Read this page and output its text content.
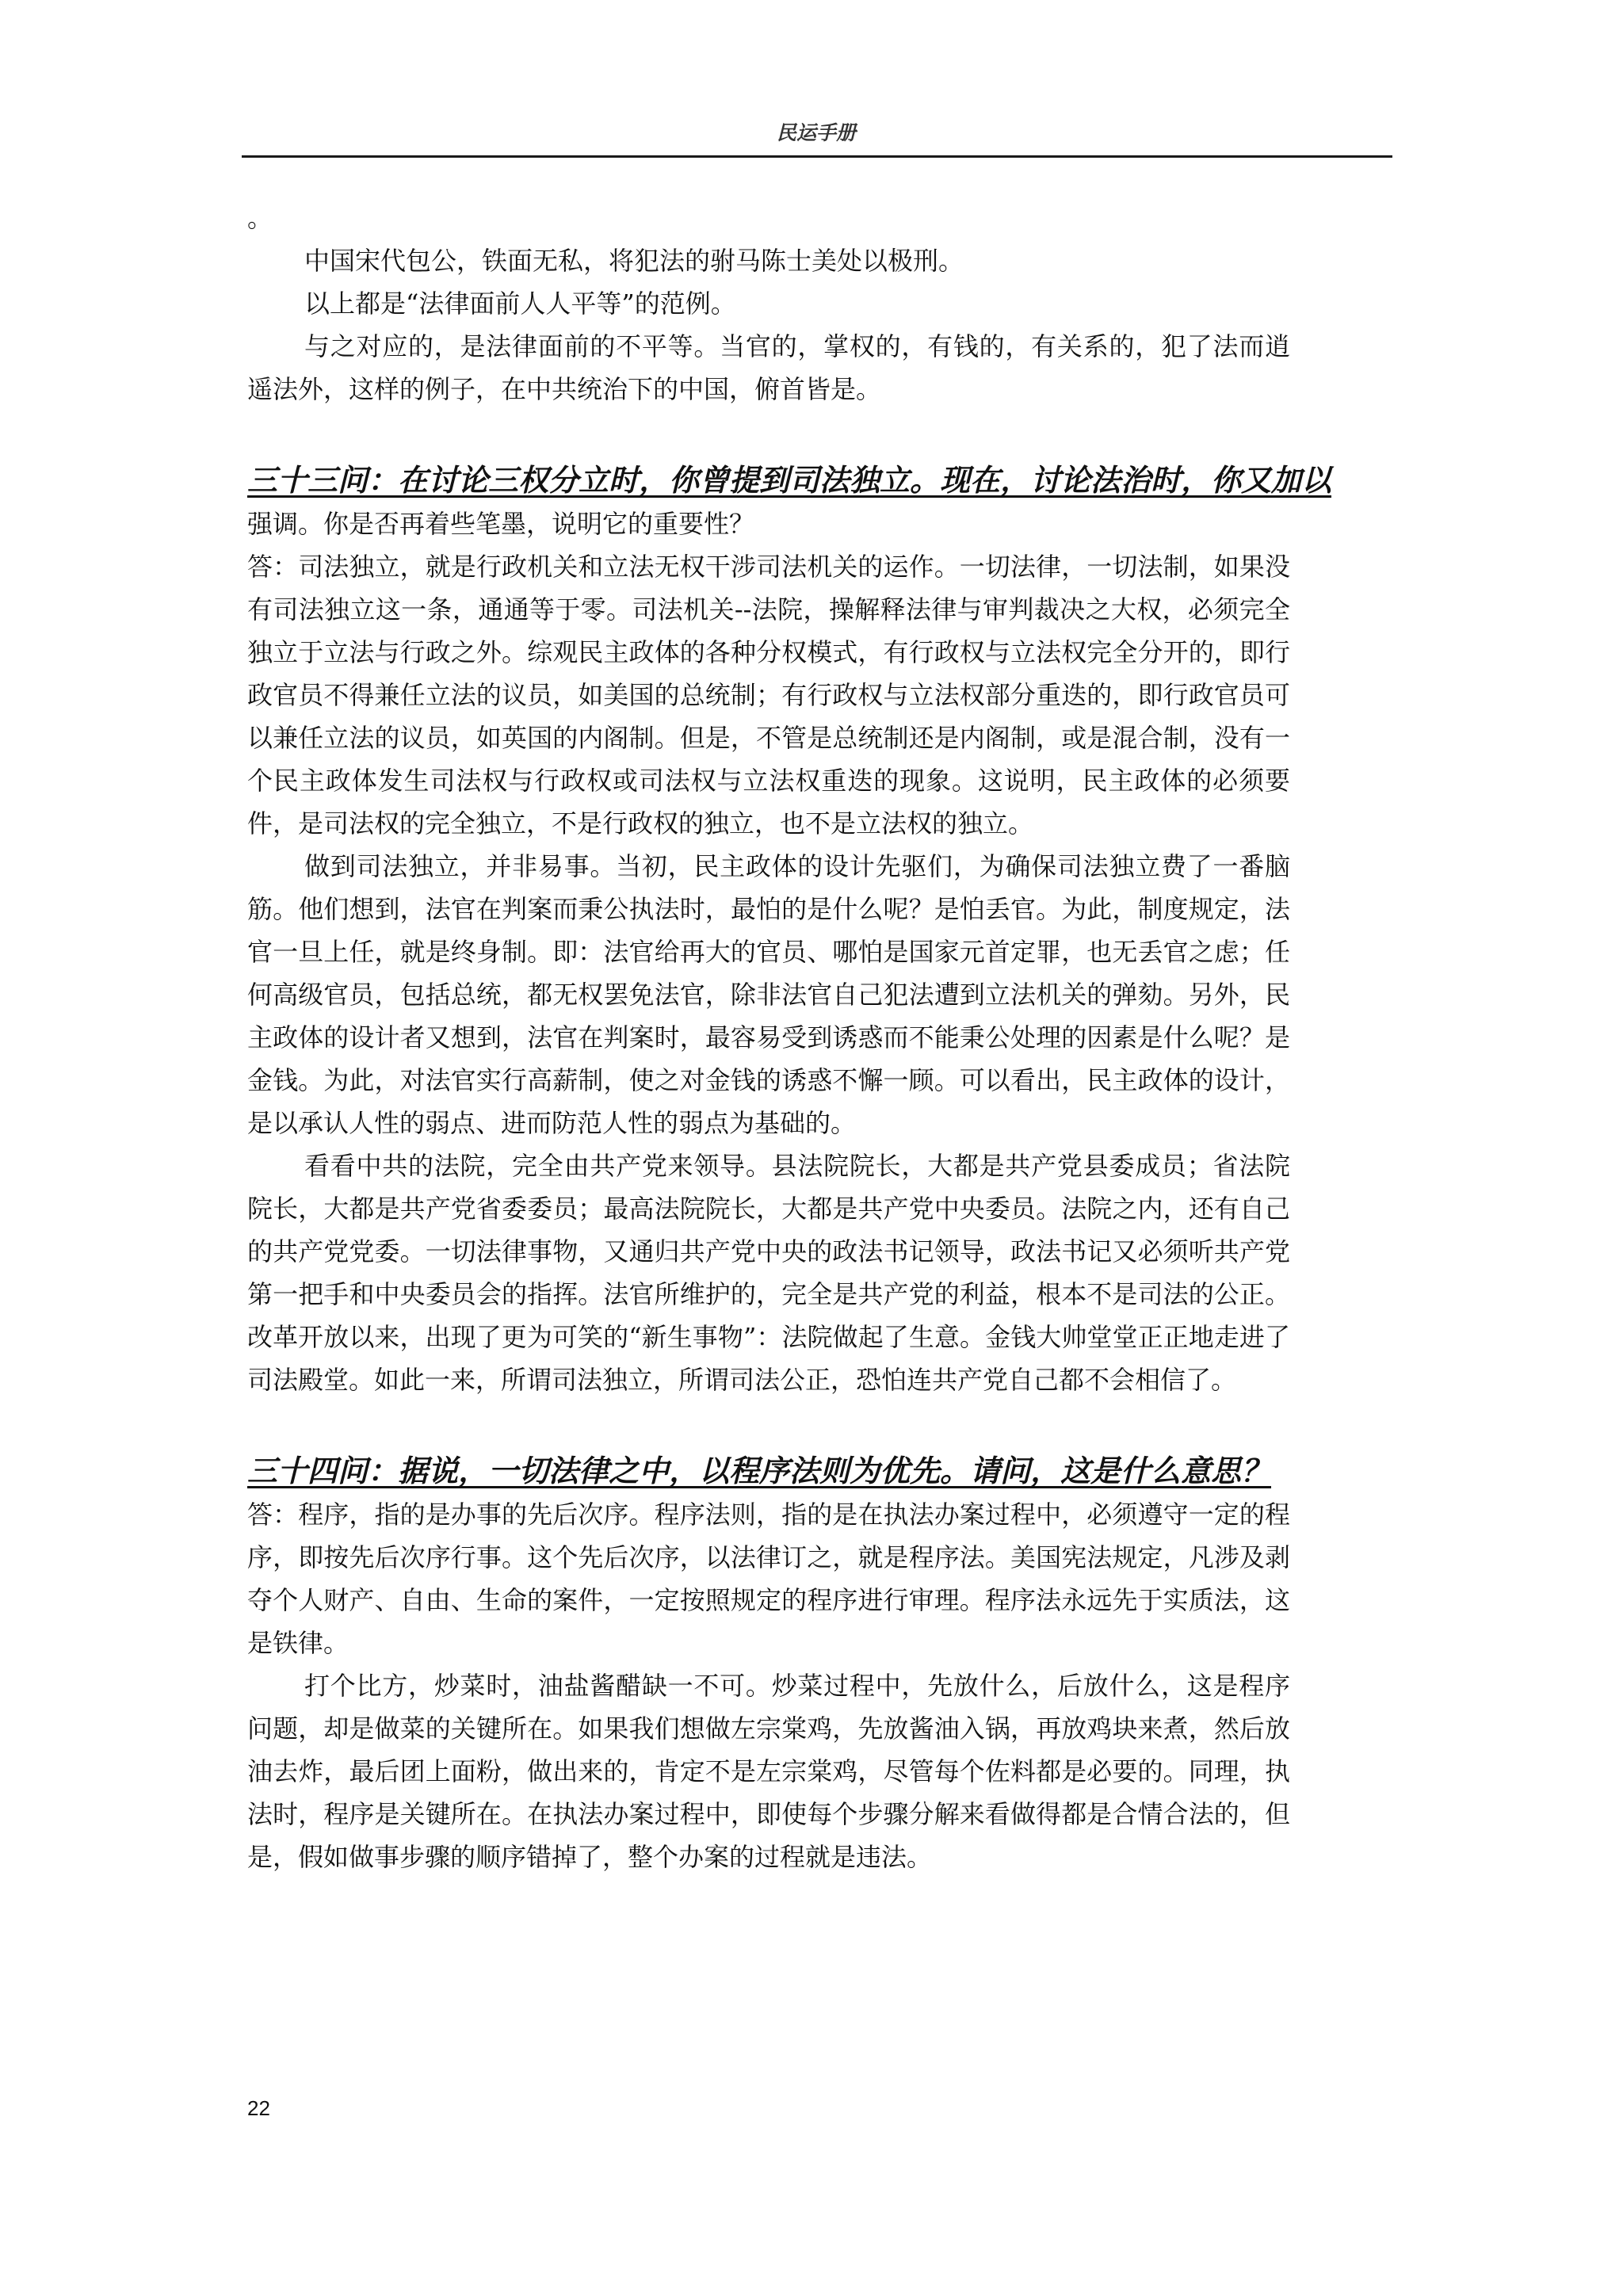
民运手册

。

中国宋代包公，铁面无私，将犯法的驸马陈士美处以极刑。

以上都是“法律面前人人平等”的范例。

与之对应的，是法律面前的不平等。当官的，掌权的，有钱的，有关系的，犯了法而逍遥法外，这样的例子，在中共统治下的中国，俯首皆是。

三十三问：在讨论三权分立时，你曾提到司法独立。现在，讨论法治时，你又加以

强调。你是否再着些笔墨，说明它的重要性？

答：司法独立，就是行政机关和立法无权干涉司法机关的运作。一切法律，一切法制，如果没有司法独立这一条，通通等于零。司法机关--法院，操解释法律与审判裁决之大权，必须完全独立于立法与行政之外。综观民主政体的各种分权模式，有行政权与立法权完全分开的，即行政官员不得兼任立法的议员，如美国的总统制；有行政权与立法权部分重迭的，即行政官员可以兼任立法的议员，如英国的内阁制。但是，不管是总统制还是内阁制，或是混合制，没有一个民主政体发生司法权与行政权或司法权与立法权重迭的现象。这说明，民主政体的必须要件，是司法权的完全独立，不是行政权的独立，也不是立法权的独立。

做到司法独立，并非易事。当初，民主政体的设计先驱们，为确保司法独立费了一番脑筋。他们想到，法官在判案而秉公执法时，最怕的是什么呢？是怕丢官。为此，制度规定，法官一旦上任，就是终身制。即：法官给再大的官员、哪怕是国家元首定罪，也无丢官之虑；任何高级官员，包括总统，都无权罢免法官，除非法官自己犯法遭到立法机关的弹劾。另外，民主政体的设计者又想到，法官在判案时，最容易受到诱惑而不能秉公处理的因素是什么呢？是金钱。为此，对法官实行高薪制，使之对金钱的诱惑不懈一顾。可以看出，民主政体的设计，是以承认人性的弱点、进而防范人性的弱点为基础的。

看看中共的法院，完全由共产党来领导。县法院院长，大都是共产党县委成员；省法院院长，大都是共产党省委委员；最高法院院长，大都是共产党中央委员。法院之内，还有自己的共产党党委。一切法律事物，又通归共产党中央的政法书记领导，政法书记又必须听共产党第一把手和中央委员会的指挥。法官所维护的，完全是共产党的利益，根本不是司法的公正。改革开放以来，出现了更为可笑的“新生事物”：法院做起了生意。金钱大帅堂堂正正地走进了司法殿堂。如此一来，所谓司法独立，所谓司法公正，恐怕连共产党自己都不会相信了。

三十四问：据说，一切法律之中，以程序法则为优先。请问，这是什么意思？

答：程序，指的是办事的先后次序。程序法则，指的是在执法办案过程中，必须遵守一定的程序，即按先后次序行事。这个先后次序，以法律订之，就是程序法。美国宪法规定，凡涉及剥夺个人财产、自由、生命的案件，一定按照规定的程序进行审理。程序法永远先于实质法，这是铁律。

打个比方，炒菜时，油盐酱醋缺一不可。炒菜过程中，先放什么，后放什么，这是程序问题，却是做菜的关键所在。如果我们想做左宗棠鸡，先放酱油入锅，再放鸡块来煮，然后放油去炸，最后团上面粉，做出来的，肯定不是左宗棠鸡，尽管每个佐料都是必要的。同理，执法时，程序是关键所在。在执法办案过程中，即使每个步骤分解来看做得都是合情合法的，但是，假如做事步骤的顺序错掉了，整个办案的过程就是违法。

22
